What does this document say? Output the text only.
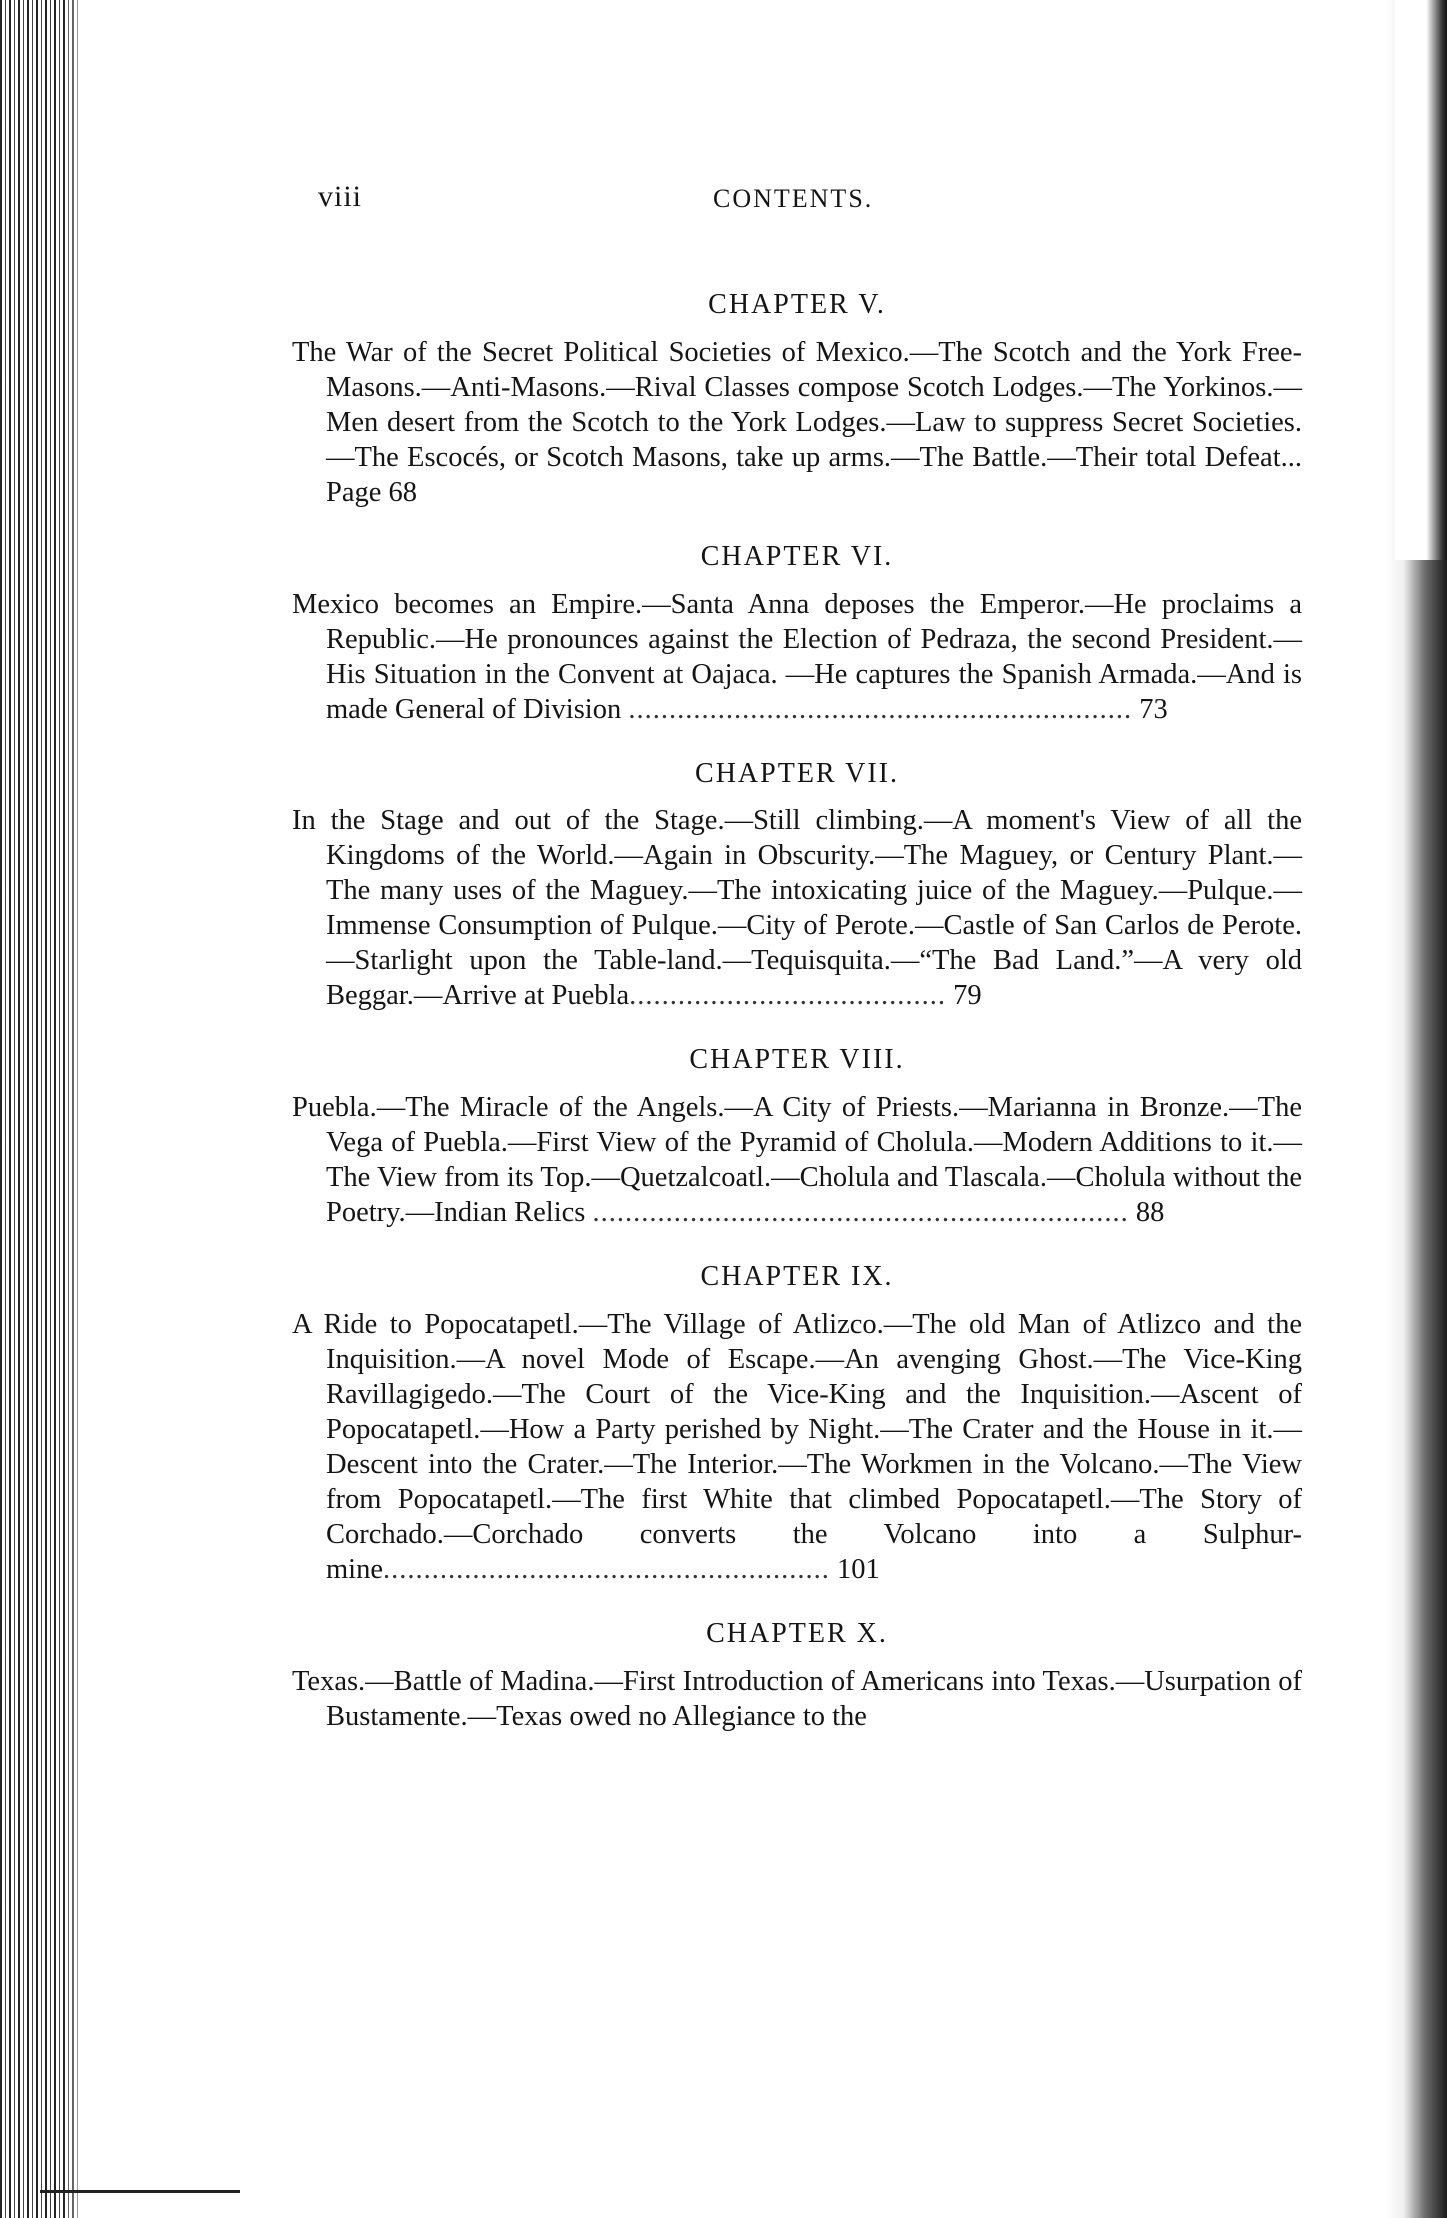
viii	CONTENTS.
CHAPTER V.

The War of the Secret Political Societies of Mexico.—The Scotch and the York Free-Masons.—Anti-Masons.—Rival Classes compose Scotch Lodges.—The Yorkinos.—Men desert from the Scotch to the York Lodges.—Law to suppress Secret Societies.—The Escocés, or Scotch Masons, take up arms.—The Battle.—Their total Defeat... Page 68

CHAPTER VI.

Mexico becomes an Empire.—Santa Anna deposes the Emperor.—He proclaims a Republic.—He pronounces against the Election of Pedraza, the second President.—His Situation in the Convent at Oajaca. —He captures the Spanish Armada.—And is made General of Division .............................................................. 73

CHAPTER VII.

In the Stage and out of the Stage.—Still climbing.—A moment's View of all the Kingdoms of the World.—Again in Obscurity.—The Maguey, or Century Plant.—The many uses of the Maguey.—The intoxicating juice of the Maguey.—Pulque.—Immense Consumption of Pulque.—City of Perote.—Castle of San Carlos de Perote.—Starlight upon the Table-land.—Tequisquita.—“The Bad Land.”—A very old Beggar.—Arrive at Puebla....................................... 79

CHAPTER VIII.

Puebla.—The Miracle of the Angels.—A City of Priests.—Marianna in Bronze.—The Vega of Puebla.—First View of the Pyramid of Cholula.—Modern Additions to it.—The View from its Top.—Quetzalcoatl.—Cholula and Tlascala.—Cholula without the Poetry.—Indian Relics .................................................................. 88

CHAPTER IX.

A Ride to Popocatapetl.—The Village of Atlizco.—The old Man of Atlizco and the Inquisition.—A novel Mode of Escape.—An avenging Ghost.—The Vice-King Ravillagigedo.—The Court of the Vice-King and the Inquisition.—Ascent of Popocatapetl.—How a Party perished by Night.—The Crater and the House in it.—Descent into the Crater.—The Interior.—The Workmen in the Volcano.—The View from Popocatapetl.—The first White that climbed Popocatapetl.—The Story of Corchado.—Corchado converts the Volcano into a Sulphur-mine....................................................... 101

CHAPTER X.

Texas.—Battle of Madina.—First Introduction of Americans into Texas.—Usurpation of Bustamente.—Texas owed no Allegiance to the
